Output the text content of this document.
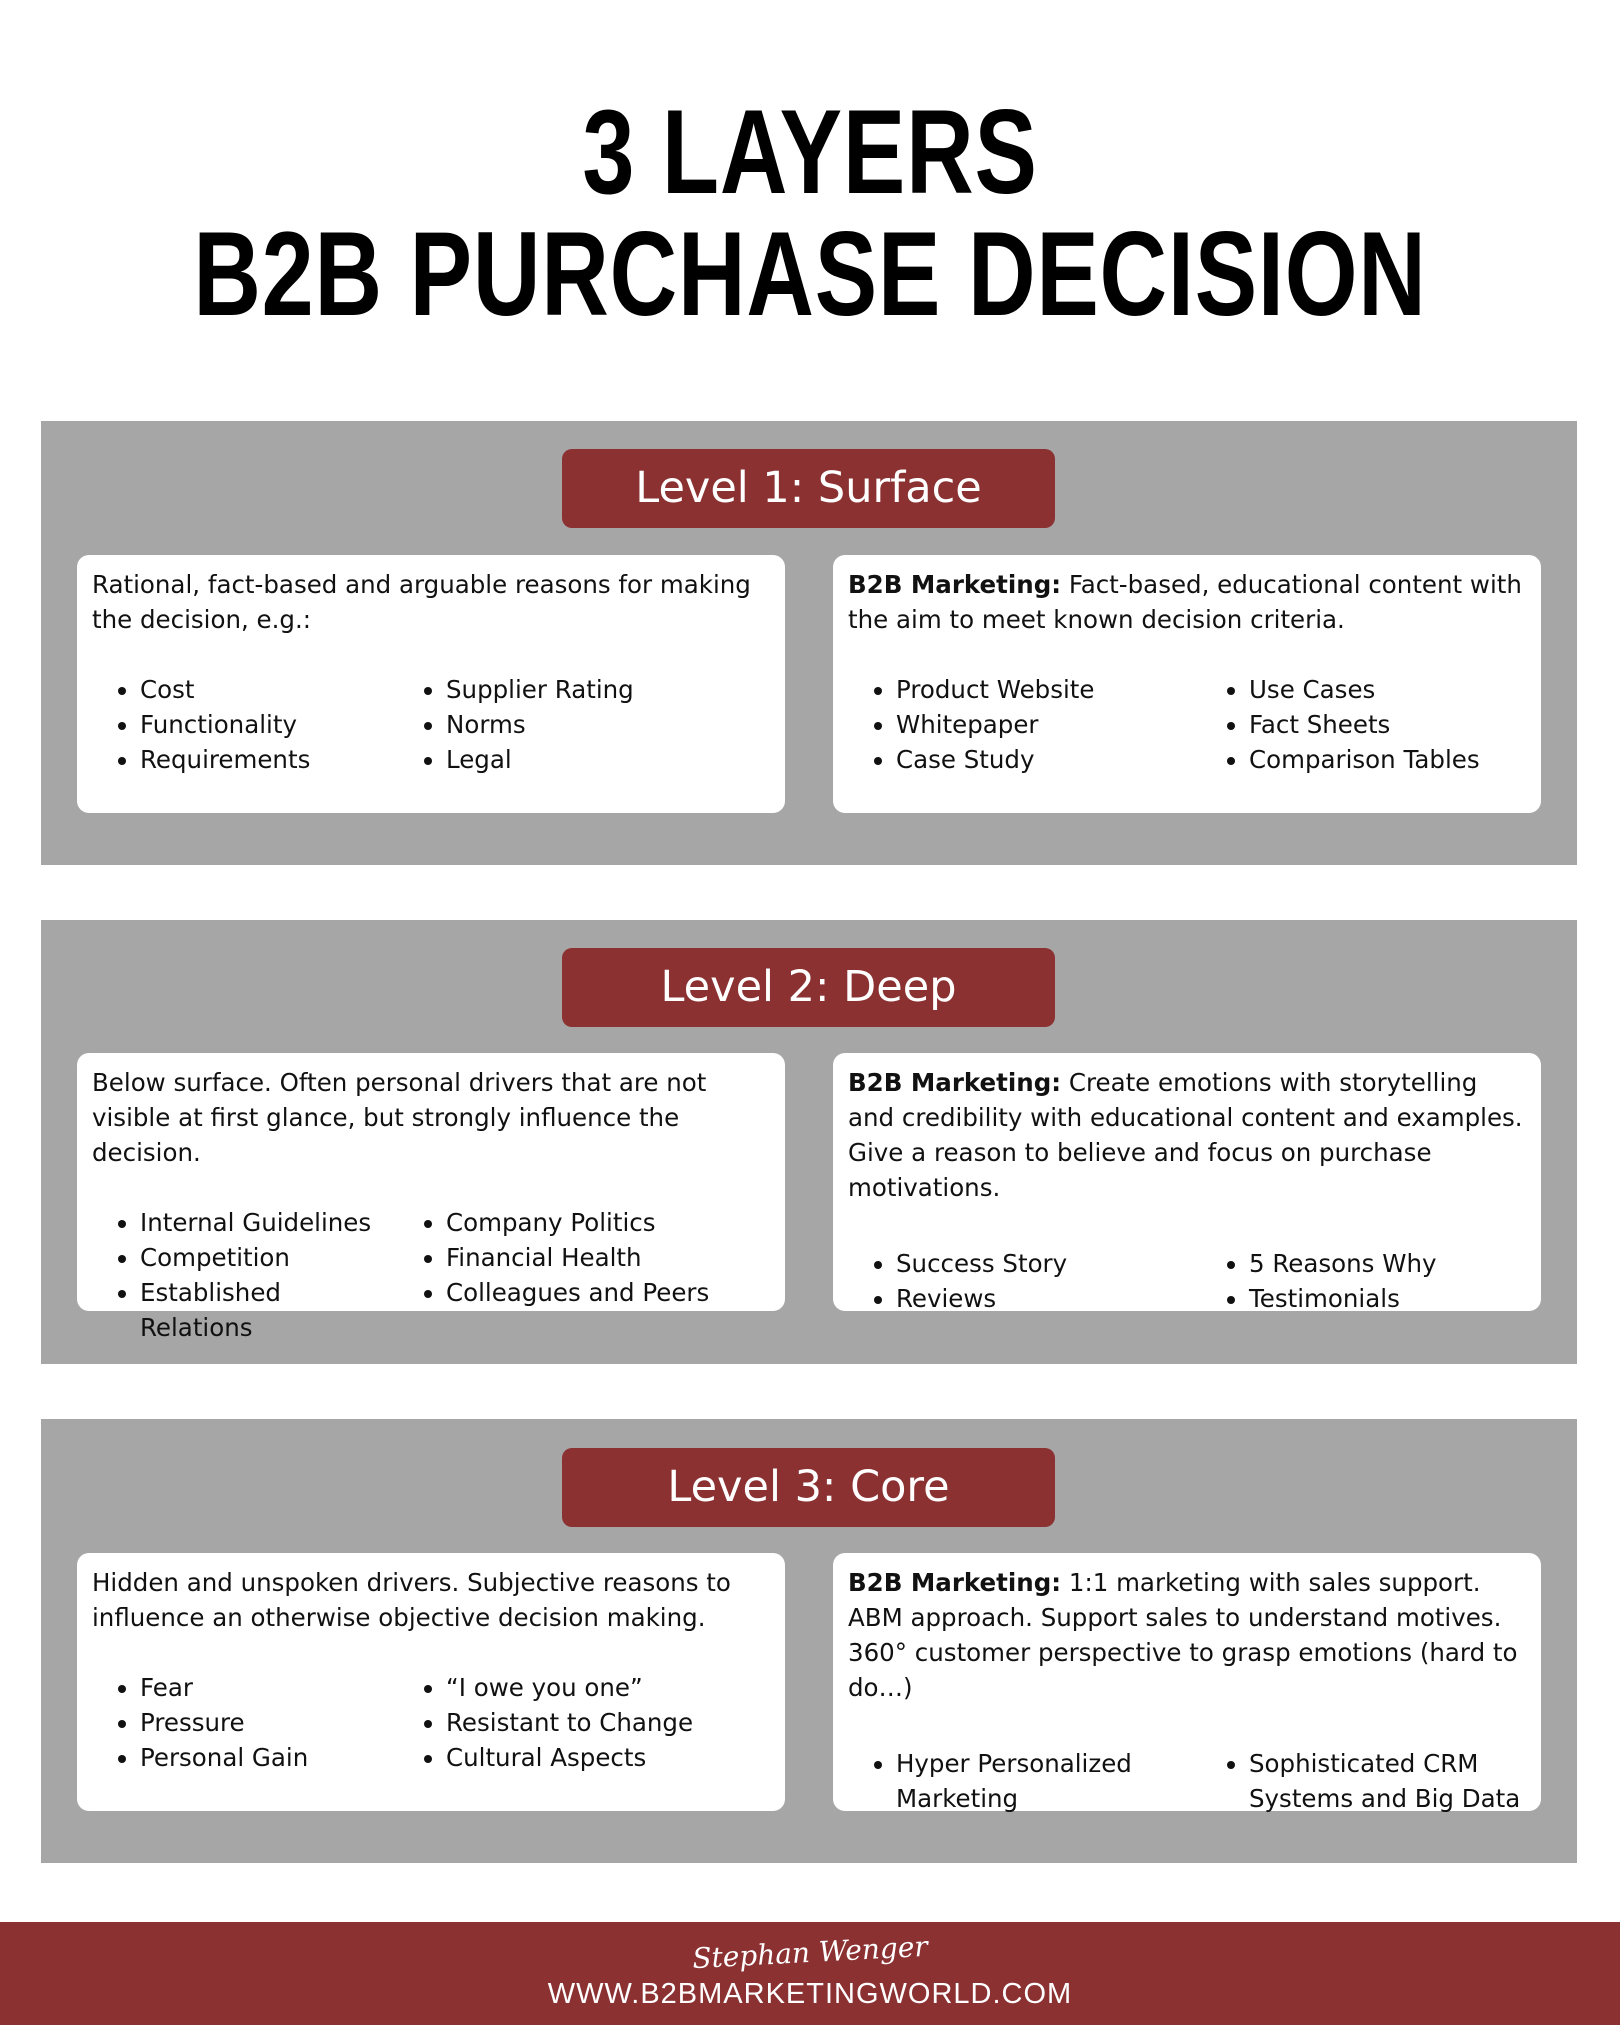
3 LAYERS
B2B PURCHASE DECISION
Level 1: Surface

Rational, fact-based and arguable reasons for making the decision, e.g.:

• Cost
• Functionality
• Requirements
• Supplier Rating
• Norms
• Legal

B2B Marketing: Fact-based, educational content with the aim to meet known decision criteria.

• Product Website
• Whitepaper
• Case Study
• Use Cases
• Fact Sheets
• Comparison Tables
Level 2: Deep

Below surface. Often personal drivers that are not visible at first glance, but strongly influence the decision.

• Internal Guidelines
• Competition
• Established Relations
• Company Politics
• Financial Health
• Colleagues and Peers

B2B Marketing: Create emotions with storytelling and credibility with educational content and examples. Give a reason to believe and focus on purchase motivations.

• Success Story
• Reviews
• 5 Reasons Why
• Testimonials
Level 3: Core

Hidden and unspoken drivers. Subjective reasons to influence an otherwise objective decision making.

• Fear
• Pressure
• Personal Gain
• “I owe you one”
• Resistant to Change
• Cultural Aspects

B2B Marketing: 1:1 marketing with sales support. ABM approach. Support sales to understand motives. 360° customer perspective to grasp emotions (hard to do…)

• Hyper Personalized Marketing
• Sophisticated CRM Systems and Big Data
Stephan Wenger
WWW.B2BMARKETINGWORLD.COM
